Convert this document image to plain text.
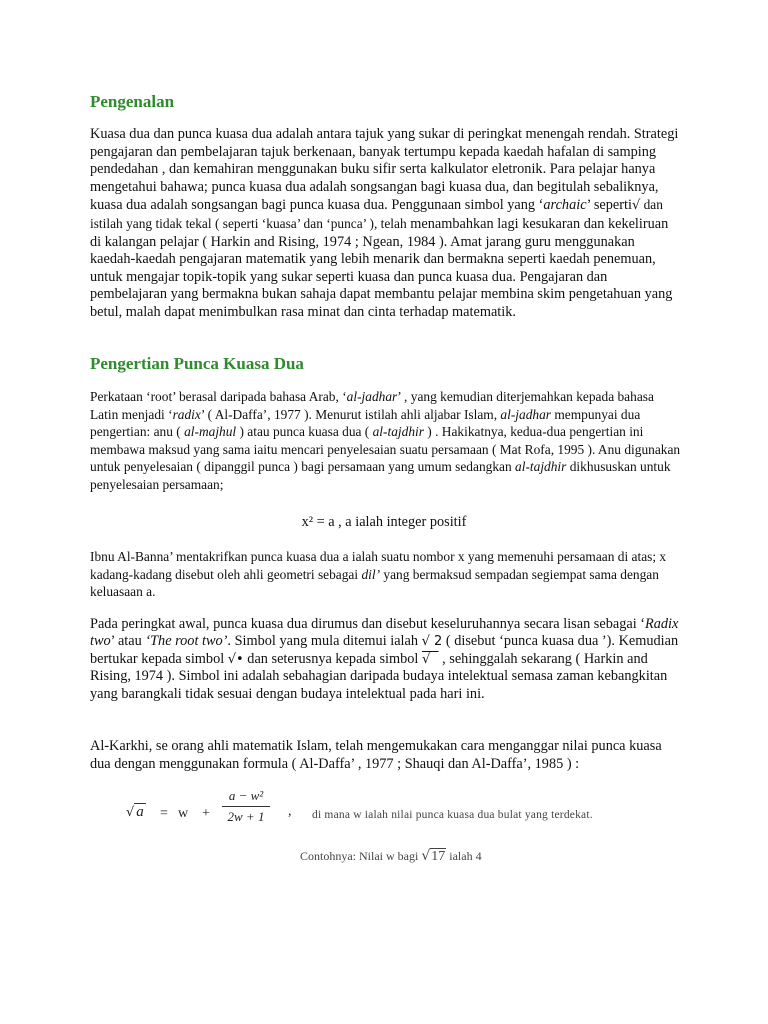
Pengenalan

Kuasa dua dan punca kuasa dua adalah antara tajuk yang sukar di peringkat menengah rendah. Strategi pengajaran dan pembelajaran tajuk berkenaan, banyak tertumpu kepada kaedah hafalan di samping pendedahan , dan kemahiran menggunakan buku sifir serta kalkulator eletronik. Para pelajar hanya mengetahui bahawa; punca kuasa dua adalah songsangan bagi kuasa dua, dan begitulah sebaliknya, kuasa dua adalah songsangan bagi punca kuasa dua. Penggunaan simbol yang ‘archaic’ seperti√ dan istilah yang tidak tekal ( seperti ‘kuasa’ dan ‘punca’ ), telah menambahkan lagi kesukaran dan kekeliruan di kalangan pelajar ( Harkin and Rising, 1974 ; Ngean, 1984 ). Amat jarang guru menggunakan kaedah-kaedah pengajaran matematik yang lebih menarik dan bermakna seperti kaedah penemuan, untuk mengajar topik-topik yang sukar seperti kuasa dan punca kuasa dua. Pengajaran dan pembelajaran yang bermakna bukan sahaja dapat membantu pelajar membina skim pengetahuan yang betul, malah dapat menimbulkan rasa minat dan cinta terhadap matematik.

Pengertian Punca Kuasa Dua

Perkataan ‘root’ berasal daripada bahasa Arab, ‘al-jadhar’ , yang kemudian diterjemahkan kepada bahasa Latin menjadi ‘radix’ ( Al-Daffa’, 1977 ). Menurut istilah ahli aljabar Islam, al-jadhar mempunyai dua pengertian: anu ( al-majhul ) atau punca kuasa dua ( al-tajdhir ) . Hakikatnya, kedua-dua pengertian ini membawa maksud yang sama iaitu mencari penyelesaian suatu persamaan ( Mat Rofa, 1995 ). Anu digunakan untuk penyelesaian ( dipanggil punca ) bagi persamaan yang umum sedangkan al-tajdhir dikhususkan untuk penyelesaian persamaan;

x² = a , a ialah integer positif

Ibnu Al-Banna’ mentakrifkan punca kuasa dua a ialah suatu nombor x yang memenuhi persamaan di atas; x kadang-kadang disebut oleh ahli geometri sebagai dil’ yang bermaksud sempadan segiempat sama dengan keluasaan a.

Pada peringkat awal, punca kuasa dua dirumus dan disebut keseluruhannya secara lisan sebagai ‘Radix two’ atau ‘The root two’. Simbol yang mula ditemui ialah √ 2 ( disebut ‘punca kuasa dua ’). Kemudian bertukar kepada simbol √• dan seterusnya kepada simbol √   , sehinggalah sekarang ( Harkin and Rising, 1974 ). Simbol ini adalah sebahagian daripada budaya intelektual semasa zaman kebangkitan yang barangkali tidak sesuai dengan budaya intelektual pada hari ini.

Al-Karkhi, se orang ahli matematik Islam, telah mengemukakan cara menganggar nilai punca kuasa dua dengan menggunakan formula ( Al-Daffa’ , 1977 ; Shauqi dan Al-Daffa’, 1985 ) :

√ $a = w + \frac{\text{a − w²}}{2w + 1}$ , di mana w ialah nilai punca kuasa dua bulat yang terdekat.
Contohnya: Nilai w bagi √17 ialah 4
